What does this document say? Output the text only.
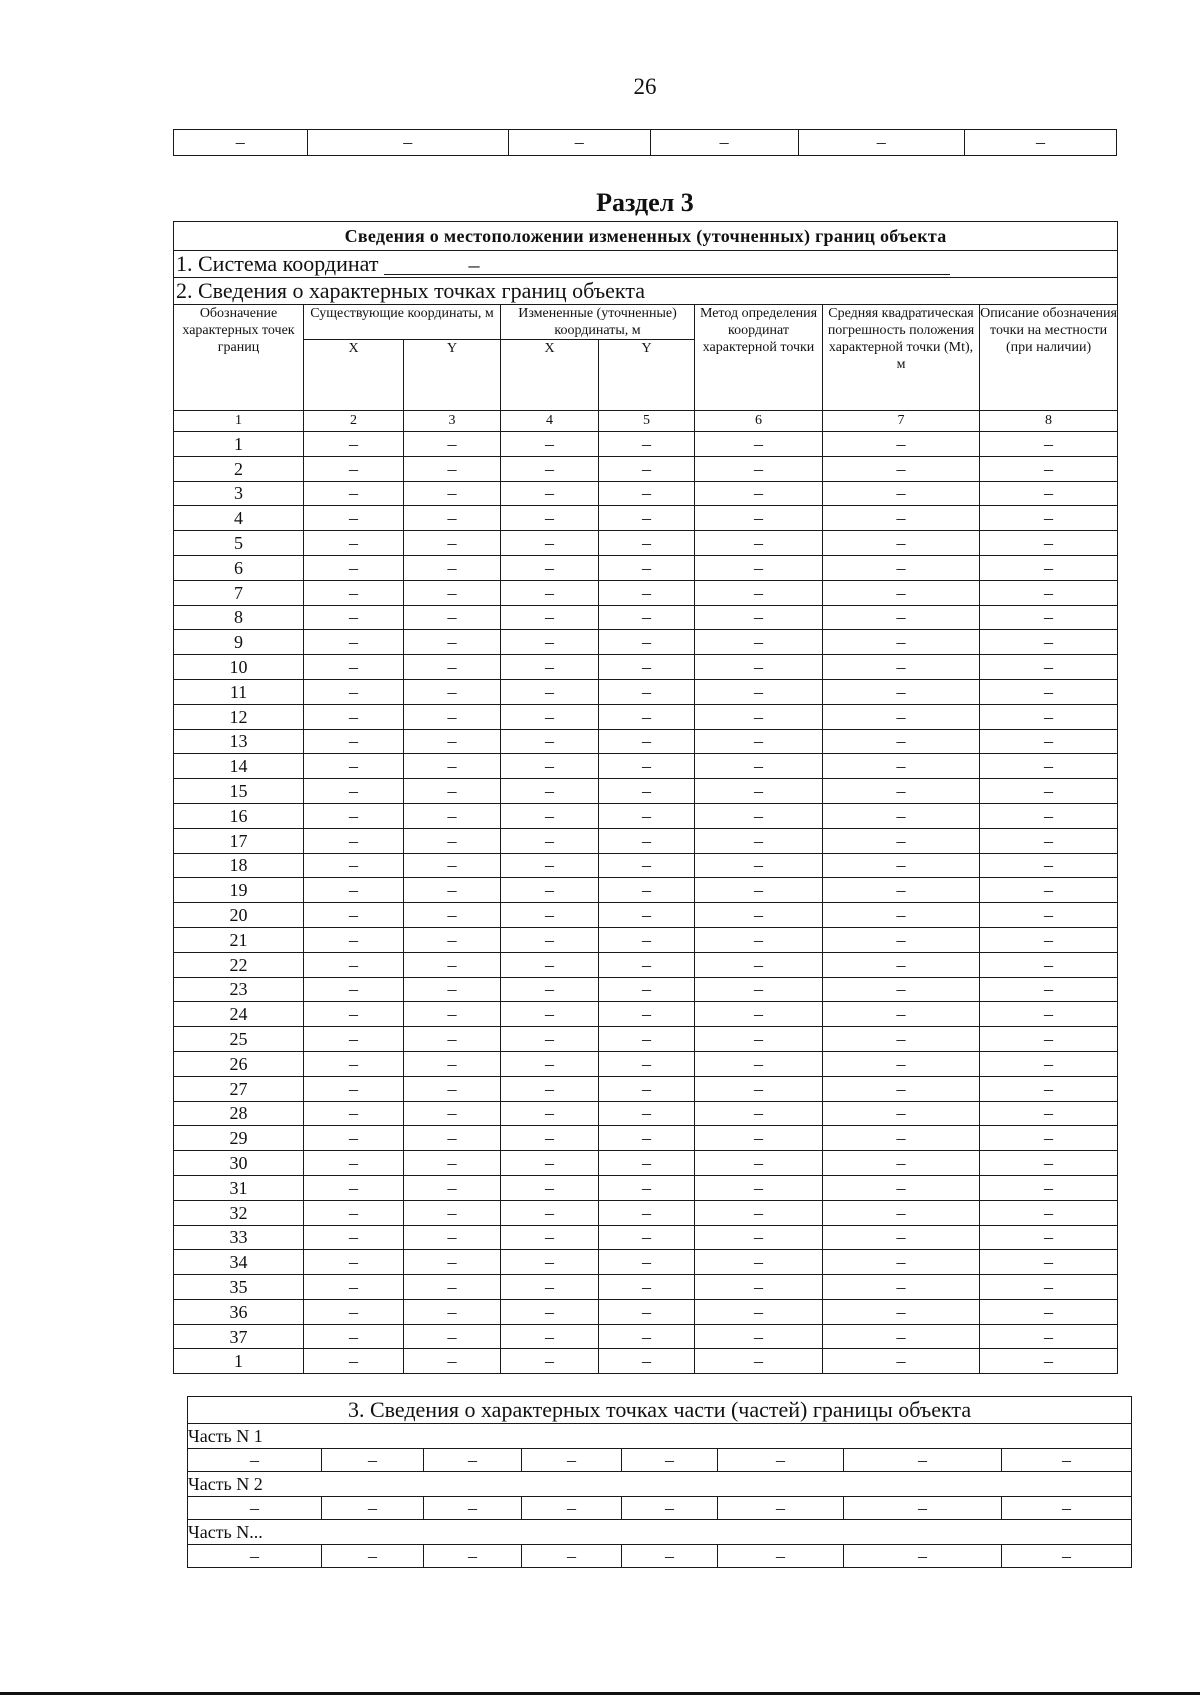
26
–	–	–	–	–	–
Раздел 3
Сведения о местоположении измененных (уточненных) границ объекта							
1. Система координат –							
2. Сведения о характерных точках границ объекта							
Обозначение характерных точек границ	Существующие координаты, м		Измененные (уточненные) координаты, м		Метод определения координат характерной точки	Средняя квадратическая погрешность положения характерной точки (Mt), м	Описание обозначения точки на местности (при наличии)
	X	Y	X	Y			
1	2	3	4	5	6	7	8
1	–	–	–	–	–	–	–
2	–	–	–	–	–	–	–
3	–	–	–	–	–	–	–
4	–	–	–	–	–	–	–
5	–	–	–	–	–	–	–
6	–	–	–	–	–	–	–
7	–	–	–	–	–	–	–
8	–	–	–	–	–	–	–
9	–	–	–	–	–	–	–
10	–	–	–	–	–	–	–
11	–	–	–	–	–	–	–
12	–	–	–	–	–	–	–
13	–	–	–	–	–	–	–
14	–	–	–	–	–	–	–
15	–	–	–	–	–	–	–
16	–	–	–	–	–	–	–
17	–	–	–	–	–	–	–
18	–	–	–	–	–	–	–
19	–	–	–	–	–	–	–
20	–	–	–	–	–	–	–
21	–	–	–	–	–	–	–
22	–	–	–	–	–	–	–
23	–	–	–	–	–	–	–
24	–	–	–	–	–	–	–
25	–	–	–	–	–	–	–
26	–	–	–	–	–	–	–
27	–	–	–	–	–	–	–
28	–	–	–	–	–	–	–
29	–	–	–	–	–	–	–
30	–	–	–	–	–	–	–
31	–	–	–	–	–	–	–
32	–	–	–	–	–	–	–
33	–	–	–	–	–	–	–
34	–	–	–	–	–	–	–
35	–	–	–	–	–	–	–
36	–	–	–	–	–	–	–
37	–	–	–	–	–	–	–
1	–	–	–	–	–	–	–
3. Сведения о характерных точках части (частей) границы объекта							
Часть N 1							
–	–	–	–	–	–	–	–
Часть N 2							
–	–	–	–	–	–	–	–
Часть N...							
–	–	–	–	–	–	–	–
